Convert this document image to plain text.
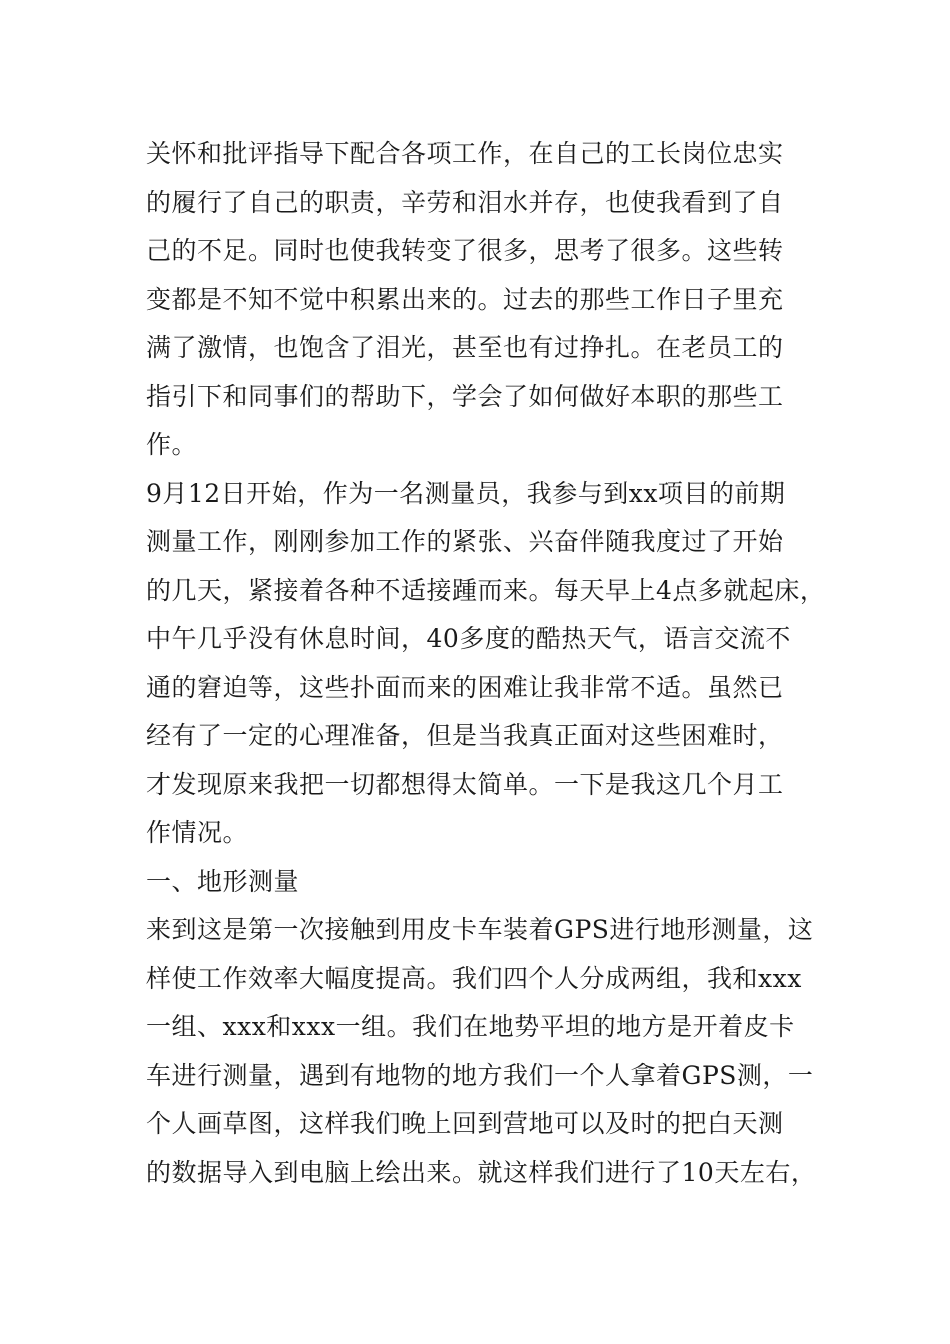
关怀和批评指导下配合各项工作，在自己的工长岗位忠实
的履行了自己的职责，辛劳和泪水并存，也使我看到了自
己的不足。同时也使我转变了很多，思考了很多。这些转
变都是不知不觉中积累出来的。过去的那些工作日子里充
满了激情，也饱含了泪光，甚至也有过挣扎。在老员工的
指引下和同事们的帮助下，学会了如何做好本职的那些工
作。
9月12日开始，作为一名测量员，我参与到xx项目的前期
测量工作，刚刚参加工作的紧张、兴奋伴随我度过了开始
的几天，紧接着各种不适接踵而来。每天早上4点多就起床，
中午几乎没有休息时间，40多度的酷热天气，语言交流不
通的窘迫等，这些扑面而来的困难让我非常不适。虽然已
经有了一定的心理准备，但是当我真正面对这些困难时，
才发现原来我把一切都想得太简单。一下是我这几个月工
作情况。
一、地形测量
来到这是第一次接触到用皮卡车装着GPS进行地形测量，这
样使工作效率大幅度提高。我们四个人分成两组，我和xxx
一组、xxx和xxx一组。我们在地势平坦的地方是开着皮卡
车进行测量，遇到有地物的地方我们一个人拿着GPS测，一
个人画草图，这样我们晚上回到营地可以及时的把白天测
的数据导入到电脑上绘出来。就这样我们进行了10天左右，
